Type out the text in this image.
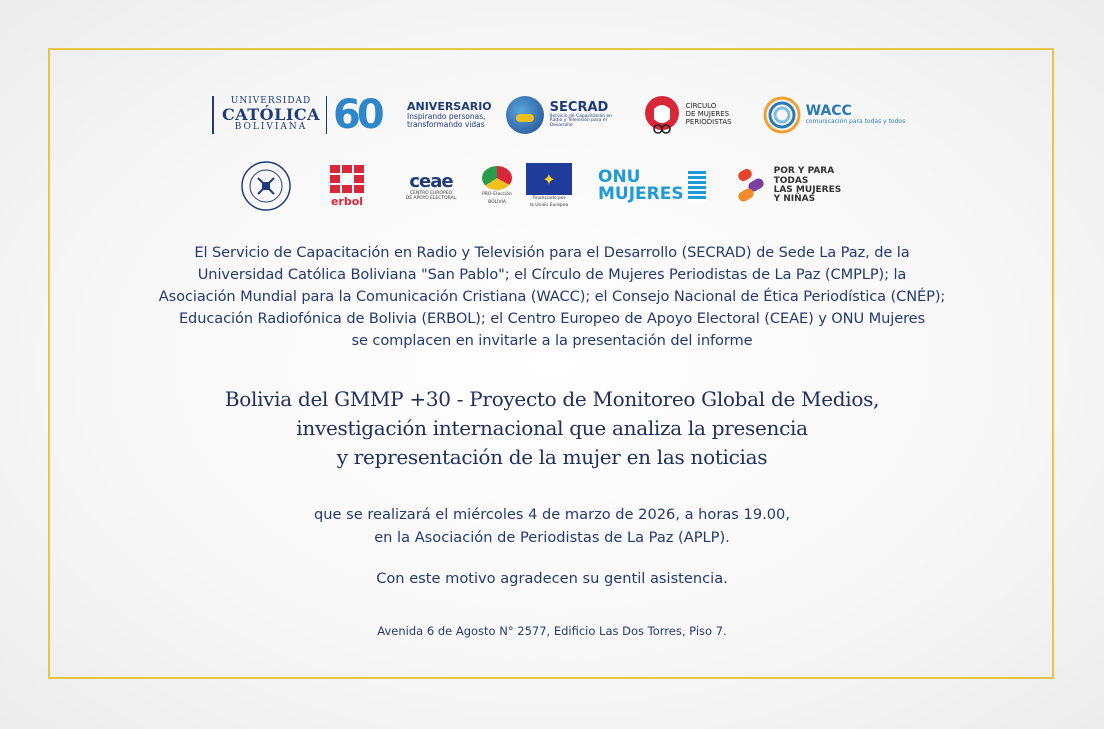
UNIVERSIDAD
CATÓLICA
BOLIVIANA 60	ANIVERSARIO
Inspirando personas,
transformando vidas
SECRAD
Servicio de Capacitación en Radio y Televisión para el Desarrollo
CÍRCULO
DE MUJERES
PERIODISTAS
WACC
comunicación para todas y todos
erbol
ceae
CENTRO EUROPEO
DE APOYO ELECTORAL
PRO-Elección
BOLIVIA
✦
Financiado por
la Unión Europea
ONU
MUJERES
POR Y PARA
TODAS
LAS MUJERES
Y NIÑAS

El Servicio de Capacitación en Radio y Televisión para el Desarrollo (SECRAD) de Sede La Paz, de la

Universidad Católica Boliviana "San Pablo"; el Círculo de Mujeres Periodistas de La Paz (CMPLP); la

Asociación Mundial para la Comunicación Cristiana (WACC); el Consejo Nacional de Ética Periodística (CNÉP);

Educación Radiofónica de Bolivia (ERBOL); el Centro Europeo de Apoyo Electoral (CEAE) y ONU Mujeres

se complacen en invitarle a la presentación del informe

Bolivia del GMMP +30 - Proyecto de Monitoreo Global de Medios,

investigación internacional que analiza la presencia

y representación de la mujer en las noticias

que se realizará el miércoles 4 de marzo de 2026, a horas 19.00,

en la Asociación de Periodistas de La Paz (APLP).

Con este motivo agradecen su gentil asistencia.
Avenida 6 de Agosto N° 2577, Edificio Las Dos Torres, Piso 7.
